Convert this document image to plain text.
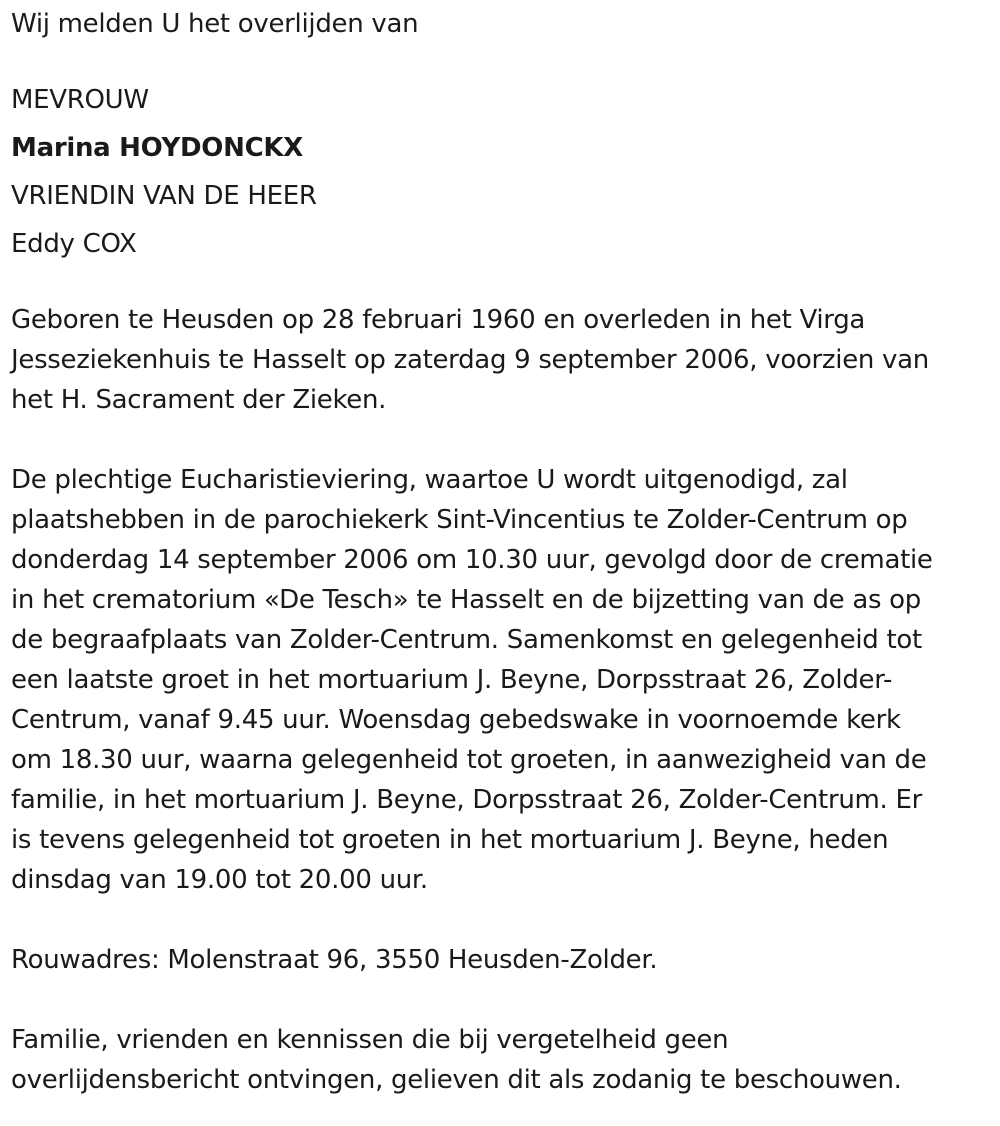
Wij melden U het overlijden van

MEVROUW

Marina HOYDONCKX

VRIENDIN VAN DE HEER

Eddy COX

Geboren te Heusden op 28 februari 1960 en overleden in het Virga

Jesseziekenhuis te Hasselt op zaterdag 9 september 2006, voorzien van

het H. Sacrament der Zieken.

De plechtige Eucharistieviering, waartoe U wordt uitgenodigd, zal

plaatshebben in de parochiekerk Sint-Vincentius te Zolder-Centrum op

donderdag 14 september 2006 om 10.30 uur, gevolgd door de crematie

in het crematorium «De Tesch» te Hasselt en de bijzetting van de as op

de begraafplaats van Zolder-Centrum. Samenkomst en gelegenheid tot

een laatste groet in het mortuarium J. Beyne, Dorpsstraat 26, Zolder-

Centrum, vanaf 9.45 uur. Woensdag gebedswake in voornoemde kerk

om 18.30 uur, waarna gelegenheid tot groeten, in aanwezigheid van de

familie, in het mortuarium J. Beyne, Dorpsstraat 26, Zolder-Centrum. Er

is tevens gelegenheid tot groeten in het mortuarium J. Beyne, heden

dinsdag van 19.00 tot 20.00 uur.

Rouwadres: Molenstraat 96, 3550 Heusden-Zolder.

Familie, vrienden en kennissen die bij vergetelheid geen

overlijdensbericht ontvingen, gelieven dit als zodanig te beschouwen.
